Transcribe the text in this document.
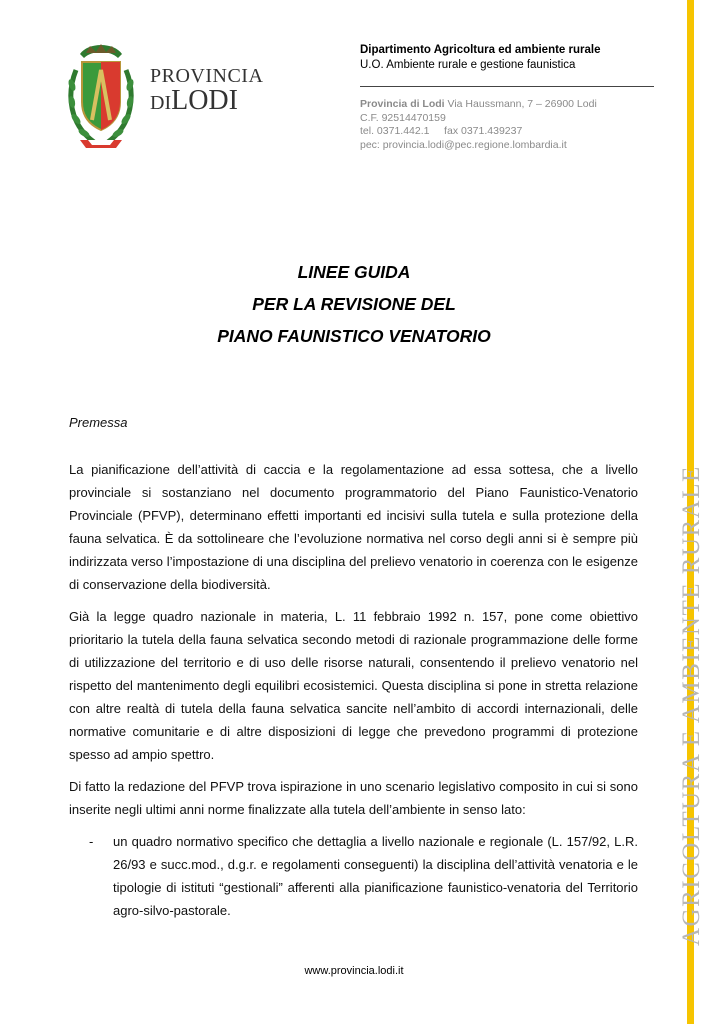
AGRICOLTURA E AMBIENTE RURALE
PROVINCIA
DILODI
Dipartimento Agricoltura ed ambiente rurale
U.O. Ambiente rurale e gestione faunistica
Provincia di Lodi Via Haussmann, 7 – 26900 Lodi
C.F. 92514470159
tel. 0371.442.1     fax 0371.439237
pec: provincia.lodi@pec.regione.lombardia.it
LINEE GUIDA
PER LA REVISIONE DEL
PIANO FAUNISTICO VENATORIO
Premessa

La pianificazione dell’attività di caccia e la regolamentazione ad essa sottesa, che a livello provinciale si sostanziano nel documento programmatorio del Piano Faunistico-Venatorio Provinciale (PFVP), determinano effetti importanti ed incisivi sulla tutela e sulla protezione della fauna selvatica. È da sottolineare che l’evoluzione normativa nel corso degli anni si è sempre più indirizzata verso l’impostazione di una disciplina del prelievo venatorio in coerenza con le esigenze di conservazione della biodiversità.

Già la legge quadro nazionale in materia, L. 11 febbraio 1992 n. 157, pone come obiettivo prioritario la tutela della fauna selvatica secondo metodi di razionale programmazione delle forme di utilizzazione del territorio e di uso delle risorse naturali, consentendo il prelievo venatorio nel rispetto del mantenimento degli equilibri ecosistemici. Questa disciplina si pone in stretta relazione con altre realtà di tutela della fauna selvatica sancite nell’ambito di accordi internazionali, delle normative comunitarie e di altre disposizioni di legge che prevedono programmi di protezione spesso ad ampio spettro.

Di fatto la redazione del PFVP trova ispirazione in uno scenario legislativo composito in cui si sono inserite negli ultimi anni norme finalizzate alla tutela dell’ambiente in senso lato:

- un quadro normativo specifico che dettaglia a livello nazionale e regionale (L. 157/92, L.R. 26/93 e succ.mod., d.g.r. e regolamenti conseguenti) la disciplina dell’attività venatoria e le tipologie di istituti “gestionali” afferenti alla pianificazione faunistico-venatoria del Territorio agro-silvo-pastorale.
www.provincia.lodi.it
